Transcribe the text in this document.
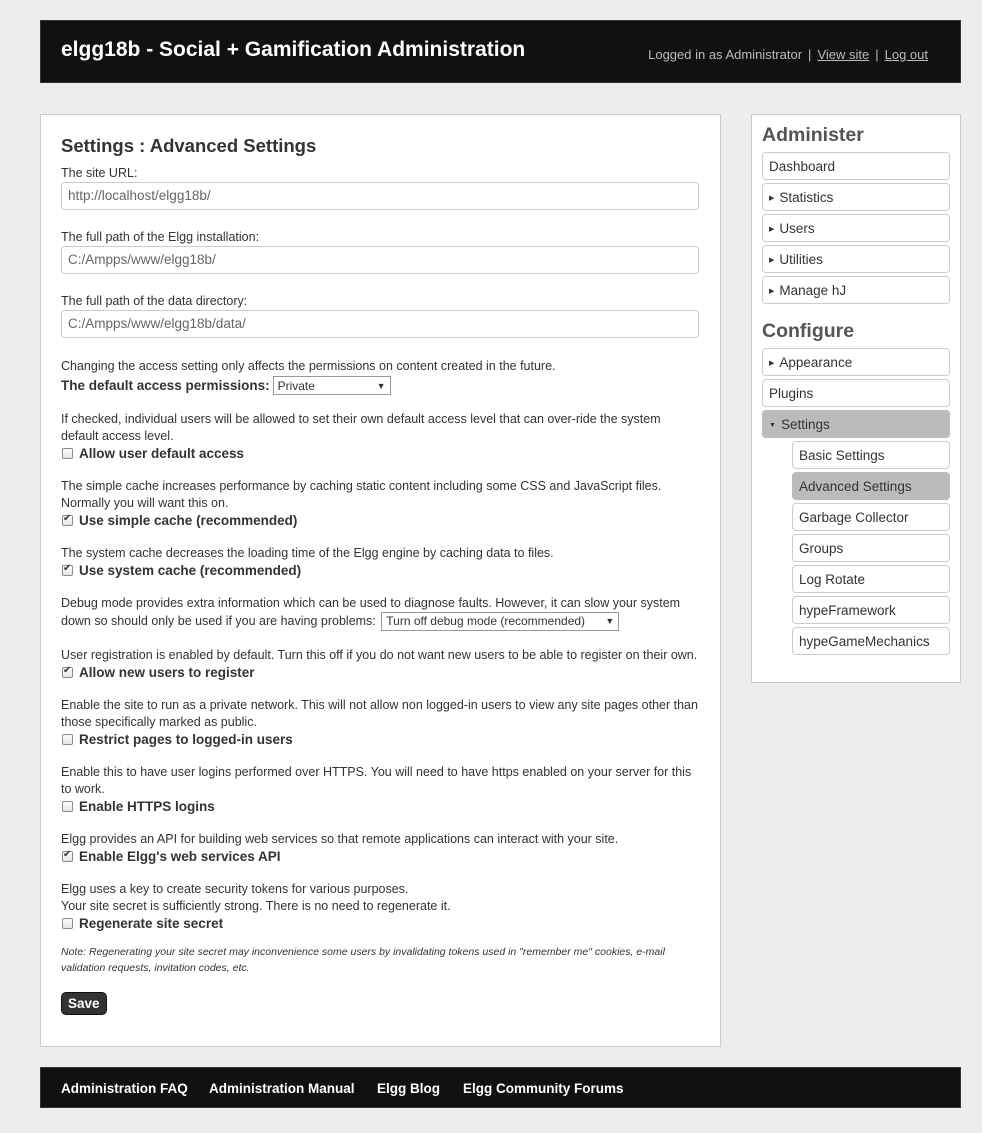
elgg18b - Social + Gamification Administration	Logged in as Administrator | View site | Log out
Settings : Advanced Settings
The site URL:
http://localhost/elgg18b/
The full path of the Elgg installation:
C:/Ampps/www/elgg18b/
The full path of the data directory:
C:/Ampps/www/elgg18b/data/
Changing the access setting only affects the permissions on content created in the future.
The default access permissions: Private	▼
If checked, individual users will be allowed to set their own default access level that can over-ride the system default access level.
Allow user default access
The simple cache increases performance by caching static content including some CSS and JavaScript files. Normally you will want this on.
✔
Use simple cache (recommended)
The system cache decreases the loading time of the Elgg engine by caching data to files.
✔
Use system cache (recommended)
Debug mode provides extra information which can be used to diagnose faults. However, it can slow your system down so should only be used if you are having problems: Turn off debug mode (recommended) ▼
User registration is enabled by default. Turn this off if you do not want new users to be able to register on their own.
✔
Allow new users to register
Enable the site to run as a private network. This will not allow non logged-in users to view any site pages other than those specifically marked as public.
Restrict pages to logged-in users
Enable this to have user logins performed over HTTPS. You will need to have https enabled on your server for this to work.
Enable HTTPS logins
Elgg provides an API for building web services so that remote applications can interact with your site.
✔
Enable Elgg's web services API
Elgg uses a key to create security tokens for various purposes.
Your site secret is sufficiently strong. There is no need to regenerate it.
Regenerate site secret
Note: Regenerating your site secret may inconvenience some users by invalidating tokens used in "remember me" cookies, e-mail validation requests, invitation codes, etc.
Save
Administer
Dashboard
▶ Statistics
▶ Users
▶ Utilities
▶ Manage hJ
Configure
▶ Appearance
Plugins
▼ Settings
Basic Settings
Advanced Settings
Garbage Collector
Groups
Log Rotate
hypeFramework
hypeGameMechanics
Administration FAQ Administration Manual Elgg Blog Elgg Community Forums
